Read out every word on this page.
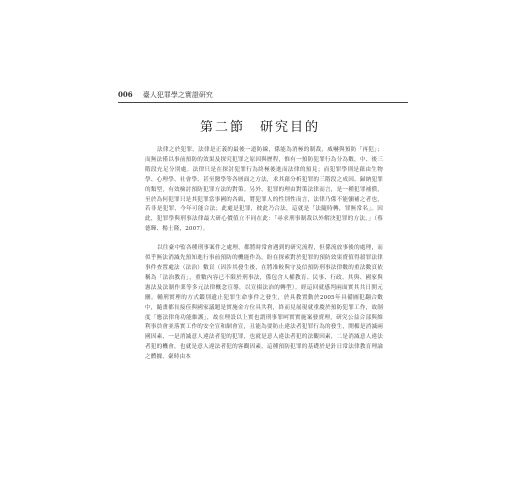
006 臺人犯罪學之實證研究
第二節　研究目的

法律之於犯罪，法律是正義的最後一道防線，係能為消極的制裁，威嚇與預防「再犯」；而無法僅以事前預防的效果及探究犯罪之原因與歷程，惟有一預防犯罪行為分為數，中、後三階段充足分別處。法律只是在探討犯罪行為終極後進而法律的預見；而犯罪學則是藉由生物學、心理學、社會學、甚至醫學等各層面之方法，求其藉分析犯罪的三階段之成因、歸納犯罪的類型，有效檢討預防犯罪方法的對策。另外，犯罪的理由對策法律而言，是一種犯罪補償，至於為何犯罪只是其犯罪當事國的各級，將犯罪人的性別性而言，法律乃係不能彌補之者也，若非是犯罪，今年可能合法；此處是犯罪，彼此乃合法，這就是「法隨時轉，罪無常名」。因此，犯罪學與刑事法律最大研心價值立不同在此：「尋求刑事制裁以外解決犯罪的方法。」（蔡德輝、楊士隆，2007）。

以往臺中監各種刑事案件之處理，都將時常會遇到的研究流程，但係流放事後的處理，而似乎無法消滅先預知進行事前預防的機能作為，盼在探索對於犯罪的預防效果賣值得殺罪法律事件查置處法（法治）數頁（因涉其發生後，在將准較與守及信預防刑事法律數的重法數頁依稱為「法治教育」，重數內容已不限於刑事法，係包含人權教育、民事、行政、其與、國家與憲法及法制作業等多元法律概念宣導，以宣揚法治的轉型）。經這回就感判兩面實其共日開元刪。輔刑實理的方式鑑別遺止犯罪生命事件之發生，於具教置動於2005年具備圖犯翻合數中，隨畫都長接佳與國家議題是實施金方位具共利，終而見展現就重慶於預防犯罪工作，故制度「應法律角功能維護」，故在理設以上實也謂刑事罪呵實實施案發賣理，研究公益合部與維利事員會並落實工作的安全宣和網會宣，且能為要防止違法者犯罪行為的發生，開楣是消滅兩國因素，一是消滅意人違法者犯的犯罪，也就是意人違法者犯的法觀因素，二是消滅意人違法者犯的機會，也就是意人違法者犯的客觀因素。這種預防犯罪的基礎於是針日常法律教育理論之體據，臺時由本
